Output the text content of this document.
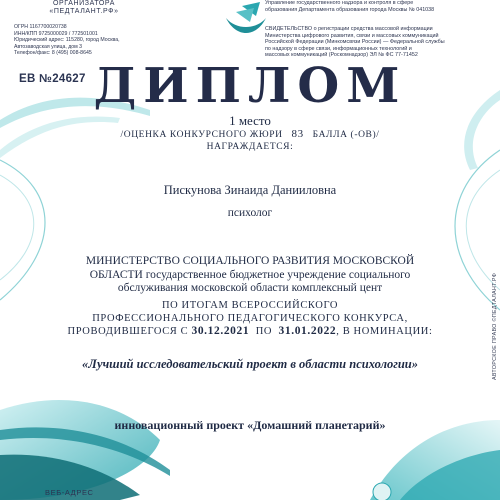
ОРГАНИЗАТОРА
«ПЕДТАЛАНТ.РФ»
ОГРН 1167700020738
ИНН/КПП 9725000029 / 772501001
Юридический адрес: 115280, город Москва,
Автозаводская улица, дом 3
Телефон/факс: 8 (495) 008-8645
Управление государственного надзора и контроля в сфере
образования Департамента образования города Москвы № 041038
СВИДЕТЕЛЬСТВО о регистрации средства массовой информации
Министерства цифрового развития, связи и массовых коммуникаций
Российской Федерации (Минкомсвязи России) — Федеральной службы
по надзору в сфере связи, информационных технологий и
массовых коммуникаций (Роскомнадзор) ЭЛ № ФС 77-71452
ЕВ №24627 ДИПЛОМ
1 место
/ОЦЕНКА КОНКУРСНОГО ЖЮРИ 83 БАЛЛА (-ОВ)/
НАГРАЖДАЕТСЯ:
Пискунова Зинаида Данииловна
психолог
МИНИСТЕРСТВО СОЦИАЛЬНОГО РАЗВИТИЯ МОСКОВСКОЙ
ОБЛАСТИ государственное бюджетное учреждение социального
обслуживания московской области комплексный цент
ПО ИТОГАМ ВСЕРОССИЙСКОГО
ПРОФЕССИОНАЛЬНОГО ПЕДАГОГИЧЕСКОГО КОНКУРСА,
ПРОВОДИВШЕГОСЯ С 30.12.2021 ПО 31.01.2022, В НОМИНАЦИИ:
«Лучший исследовательский проект в области психологии»
инновационный проект «Домашний планетарий»
АВТОРСКОЕ ПРАВО ©ПЕДТАЛАНТ.РФ
ВЕБ-АДРЕС
